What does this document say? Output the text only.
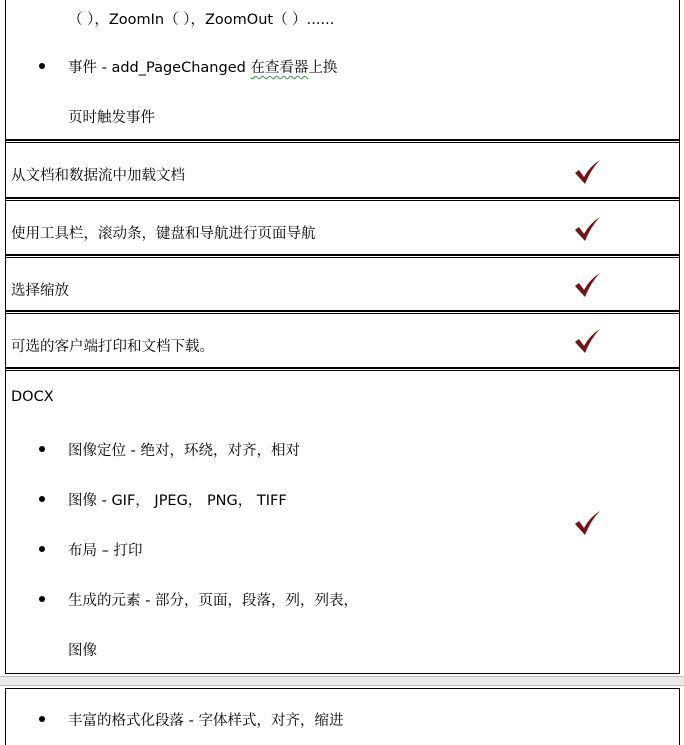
（ ），ZoomIn（ ），ZoomOut（ ）......
事件 - add_PageChanged 在查看器上换
页时触发事件
从文档和数据流中加载文档
使用工具栏，滚动条，键盘和导航进行页面导航
选择缩放
可选的客户端打印和文档下载。
DOCX
图像定位 - 绝对，环绕，对齐，相对
图像 - GIF， JPEG， PNG， TIFF
布局 – 打印
生成的元素 - 部分，页面，段落，列，列表，
图像
丰富的格式化段落 - 字体样式，对齐，缩进
